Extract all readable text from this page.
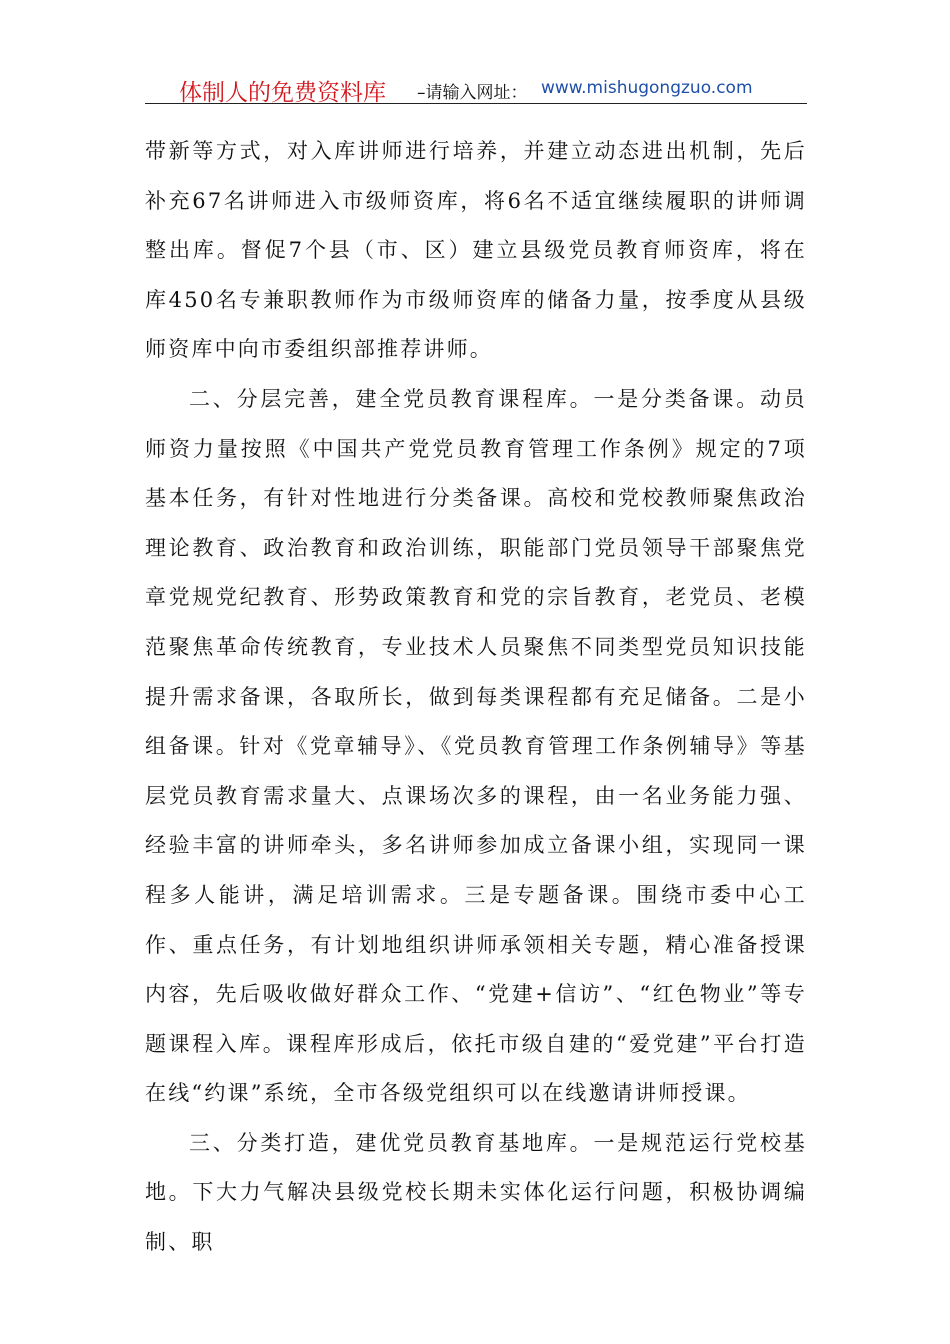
体制人的免费资料库 –请输入网址： www.mishugongzuo.com

带新等方式，对入库讲师进行培养，并建立动态进出机制，先后补充67名讲师进入市级师资库，将6名不适宜继续履职的讲师调整出库。督促7个县（市、区）建立县级党员教育师资库，将在库450名专兼职教师作为市级师资库的储备力量，按季度从县级师资库中向市委组织部推荐讲师。

二、分层完善，建全党员教育课程库。一是分类备课。动员师资力量按照《中国共产党党员教育管理工作条例》规定的7项基本任务，有针对性地进行分类备课。高校和党校教师聚焦政治理论教育、政治教育和政治训练，职能部门党员领导干部聚焦党章党规党纪教育、形势政策教育和党的宗旨教育，老党员、老模范聚焦革命传统教育，专业技术人员聚焦不同类型党员知识技能提升需求备课，各取所长，做到每类课程都有充足储备。二是小组备课。针对《党章辅导》、《党员教育管理工作条例辅导》等基层党员教育需求量大、点课场次多的课程，由一名业务能力强、经验丰富的讲师牵头，多名讲师参加成立备课小组，实现同一课程多人能讲，满足培训需求。三是专题备课。围绕市委中心工作、重点任务，有计划地组织讲师承领相关专题，精心准备授课内容，先后吸收做好群众工作、“党建+信访”、“红色物业”等专题课程入库。课程库形成后，依托市级自建的“爱党建”平台打造在线“约课”系统，全市各级党组织可以在线邀请讲师授课。

三、分类打造，建优党员教育基地库。一是规范运行党校基地。下大力气解决县级党校长期未实体化运行问题，积极协调编制、职
